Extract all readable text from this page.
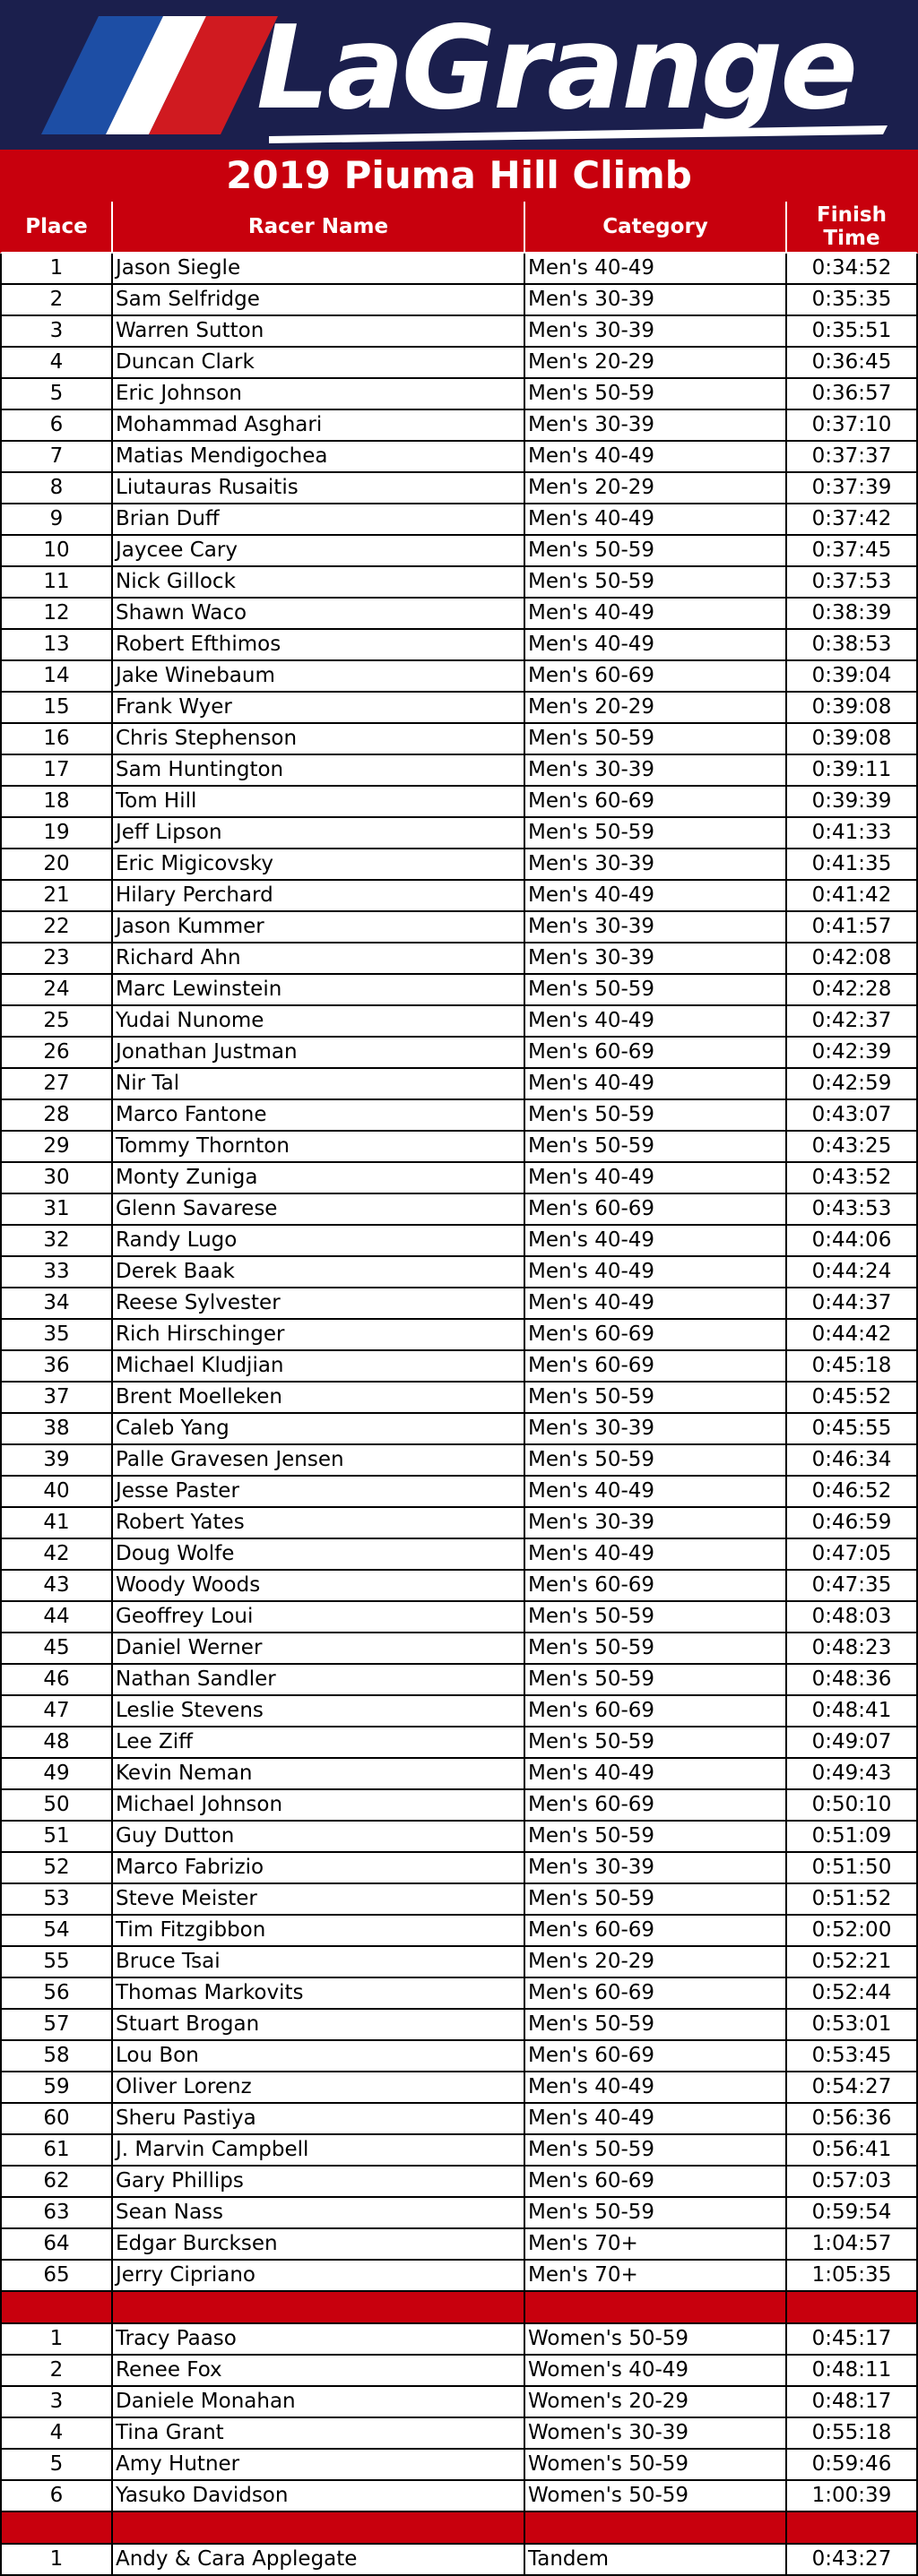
LaGrange
2019 Piuma Hill Climb
Place	Racer Name	Category	Finish
Time
1	Jason Siegle	Men's 40-49	0:34:52
2	Sam Selfridge	Men's 30-39	0:35:35
3	Warren Sutton	Men's 30-39	0:35:51
4	Duncan Clark	Men's 20-29	0:36:45
5	Eric Johnson	Men's 50-59	0:36:57
6	Mohammad Asghari	Men's 30-39	0:37:10
7	Matias Mendigochea	Men's 40-49	0:37:37
8	Liutauras Rusaitis	Men's 20-29	0:37:39
9	Brian Duff	Men's 40-49	0:37:42
10	Jaycee Cary	Men's 50-59	0:37:45
11	Nick Gillock	Men's 50-59	0:37:53
12	Shawn Waco	Men's 40-49	0:38:39
13	Robert Efthimos	Men's 40-49	0:38:53
14	Jake Winebaum	Men's 60-69	0:39:04
15	Frank Wyer	Men's 20-29	0:39:08
16	Chris Stephenson	Men's 50-59	0:39:08
17	Sam Huntington	Men's 30-39	0:39:11
18	Tom Hill	Men's 60-69	0:39:39
19	Jeff Lipson	Men's 50-59	0:41:33
20	Eric Migicovsky	Men's 30-39	0:41:35
21	Hilary Perchard	Men's 40-49	0:41:42
22	Jason Kummer	Men's 30-39	0:41:57
23	Richard Ahn	Men's 30-39	0:42:08
24	Marc Lewinstein	Men's 50-59	0:42:28
25	Yudai Nunome	Men's 40-49	0:42:37
26	Jonathan Justman	Men's 60-69	0:42:39
27	Nir Tal	Men's 40-49	0:42:59
28	Marco Fantone	Men's 50-59	0:43:07
29	Tommy Thornton	Men's 50-59	0:43:25
30	Monty Zuniga	Men's 40-49	0:43:52
31	Glenn Savarese	Men's 60-69	0:43:53
32	Randy Lugo	Men's 40-49	0:44:06
33	Derek Baak	Men's 40-49	0:44:24
34	Reese Sylvester	Men's 40-49	0:44:37
35	Rich Hirschinger	Men's 60-69	0:44:42
36	Michael Kludjian	Men's 60-69	0:45:18
37	Brent Moelleken	Men's 50-59	0:45:52
38	Caleb Yang	Men's 30-39	0:45:55
39	Palle Gravesen Jensen	Men's 50-59	0:46:34
40	Jesse Paster	Men's 40-49	0:46:52
41	Robert Yates	Men's 30-39	0:46:59
42	Doug Wolfe	Men's 40-49	0:47:05
43	Woody Woods	Men's 60-69	0:47:35
44	Geoffrey Loui	Men's 50-59	0:48:03
45	Daniel Werner	Men's 50-59	0:48:23
46	Nathan Sandler	Men's 50-59	0:48:36
47	Leslie Stevens	Men's 60-69	0:48:41
48	Lee Ziff	Men's 50-59	0:49:07
49	Kevin Neman	Men's 40-49	0:49:43
50	Michael Johnson	Men's 60-69	0:50:10
51	Guy Dutton	Men's 50-59	0:51:09
52	Marco Fabrizio	Men's 30-39	0:51:50
53	Steve Meister	Men's 50-59	0:51:52
54	Tim Fitzgibbon	Men's 60-69	0:52:00
55	Bruce Tsai	Men's 20-29	0:52:21
56	Thomas Markovits	Men's 60-69	0:52:44
57	Stuart Brogan	Men's 50-59	0:53:01
58	Lou Bon	Men's 60-69	0:53:45
59	Oliver Lorenz	Men's 40-49	0:54:27
60	Sheru Pastiya	Men's 40-49	0:56:36
61	J. Marvin Campbell	Men's 50-59	0:56:41
62	Gary Phillips	Men's 60-69	0:57:03
63	Sean Nass	Men's 50-59	0:59:54
64	Edgar Burcksen	Men's 70+	1:04:57
65	Jerry Cipriano	Men's 70+	1:05:35
1	Tracy Paaso	Women's 50-59	0:45:17
2	Renee Fox	Women's 40-49	0:48:11
3	Daniele Monahan	Women's 20-29	0:48:17
4	Tina Grant	Women's 30-39	0:55:18
5	Amy Hutner	Women's 50-59	0:59:46
6	Yasuko Davidson	Women's 50-59	1:00:39
1	Andy & Cara Applegate	Tandem	0:43:27
